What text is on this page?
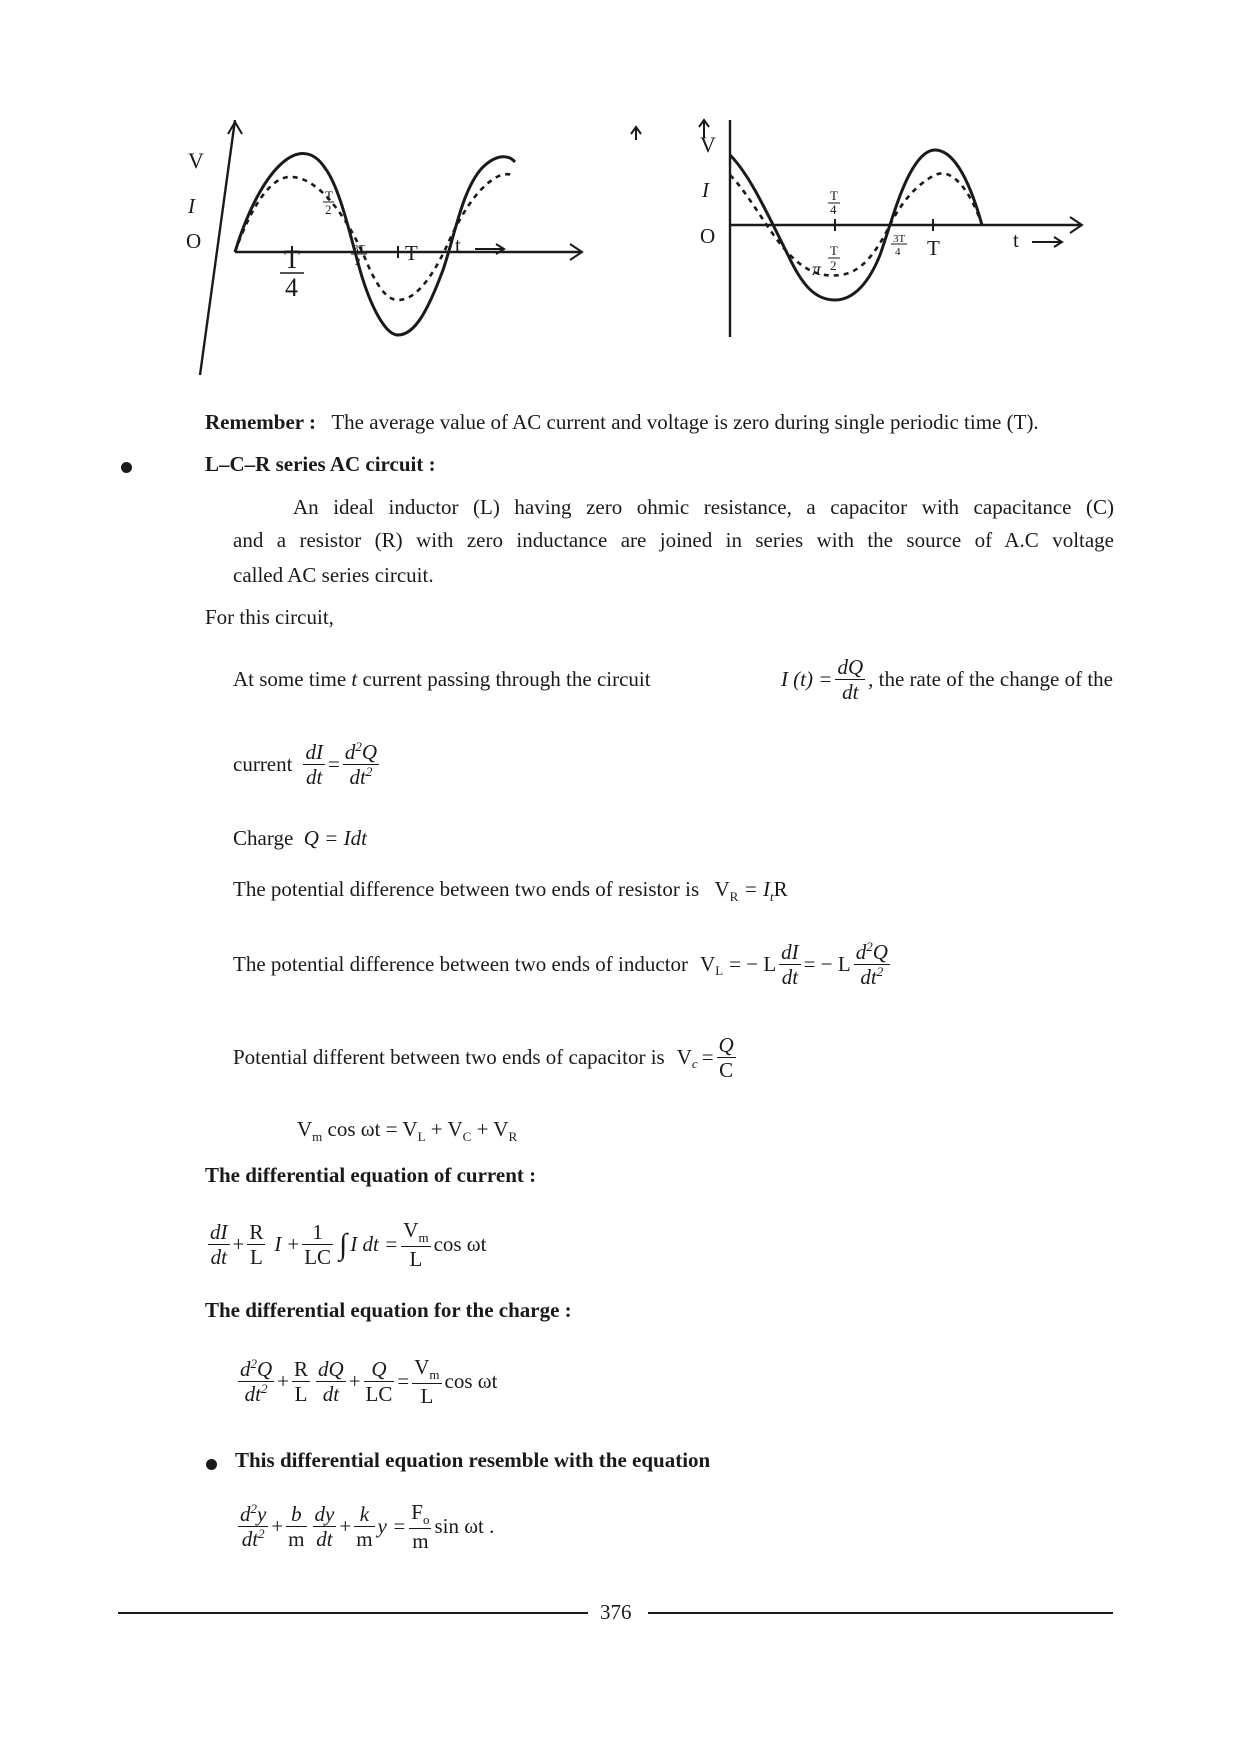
V
I
O
T
4
T
2
3T
2 T t
V
I
O
T
4
T
2
π
3T
4 T	t
Remember : The average value of AC current and voltage is zero during single periodic time (T).
L–C–R series AC circuit :
An ideal inductor (L) having zero ohmic resistance, a capacitor with capacitance (C)
and a resistor (R) with zero inductance are joined in series with the source of A.C voltage
called AC series circuit.
For this circuit,
At some time t current passing through the circuit	I $(t) = \frac{dQ}{dt}$ , the rate of the change of the
current $\frac{dI}{dt} = \frac{d^2Q}{dt^2}$
Charge Q = Idt
The potential difference between two ends of resistor is $V_R = I_tR$
The potential difference between two ends of inductor $V_L$ = − L $\frac{dI}{dt}$ = − L $\frac{d^2Q}{dt^2}$
Potential different between two ends of capacitor is $V_c = \frac{Q}{C}$
$V_m$ $\cos \omega t = V_L + V_C + V_R$
The differential equation of current :
$\frac{dI}{dt} + \frac{R}{L}$ $I + \frac{1}{LC}$ ∫ I dt = $\frac{V_m}{L}$ cos ωt
The differential equation for the charge :
$\frac{d^2Q}{dt^2} + \frac{R}{L} \frac{dQ}{dt} + \frac{Q}{LC} = \frac{V_m}{L}$ cos ωt
This differential equation resemble with the equation
$\frac{d^2y}{dt^2} + \frac{b}{m} \frac{dy}{dt} + \frac{k}{m}$ $y = \frac{F_o}{m}$ sin ωt .
376
